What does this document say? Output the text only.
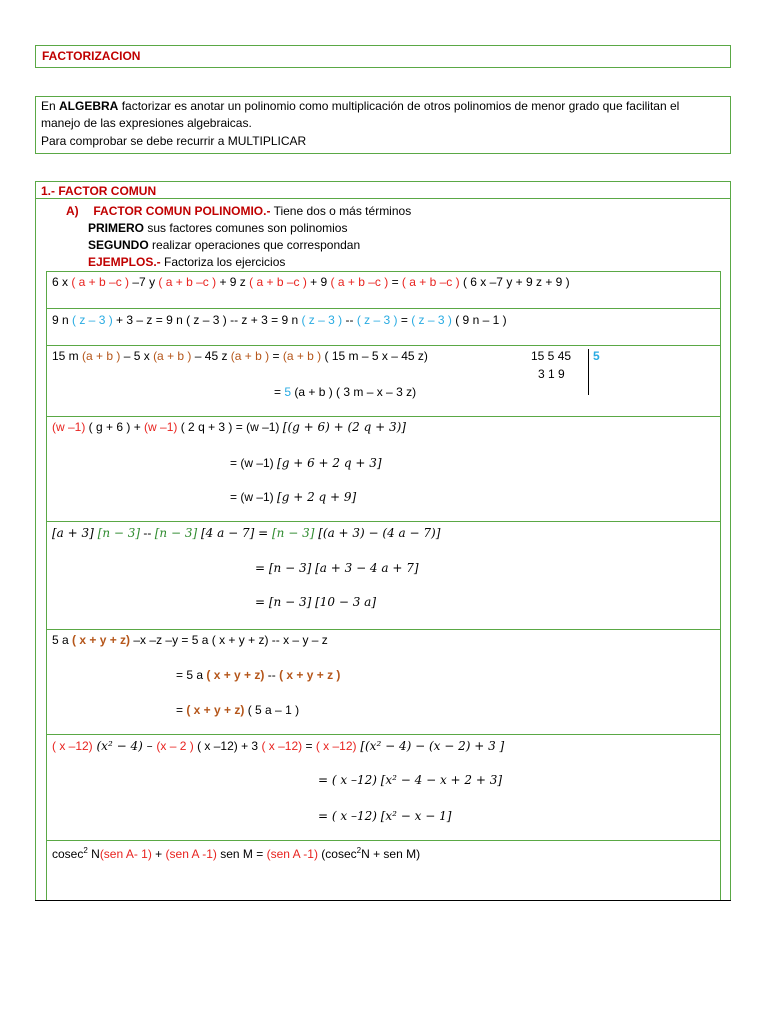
FACTORIZACION
En ALGEBRA factorizar es anotar un polinomio como multiplicación de otros polinomios de menor grado que facilitan el
manejo de las expresiones algebraicas.
Para comprobar se debe recurrir a MULTIPLICAR
1.- FACTOR COMUN
A) FACTOR COMUN POLINOMIO.- Tiene dos o más términos
PRIMERO sus factores comunes son polinomios
SEGUNDO realizar operaciones que correspondan
EJEMPLOS.- Factoriza los ejercicios
6 x ( a + b –c ) –7 y ( a + b –c ) + 9 z ( a + b –c ) + 9 ( a + b –c ) = ( a + b –c ) ( 6 x –7 y + 9 z + 9 )
9 n ( z – 3 ) + 3 – z = 9 n ( z – 3 ) -- z + 3 = 9 n ( z – 3 ) -- ( z – 3 ) = ( z – 3 ) ( 9 n – 1 )
15 m (a + b ) – 5 x (a + b ) – 45 z (a + b ) = (a + b ) ( 15 m – 5 x – 45 z)
= 5 (a + b ) ( 3 m – x – 3 z)
15 5 45
3 1 9
5
(w –1) ( g + 6 ) + (w –1) ( 2 q + 3 ) = (w –1) [(g + 6) + (2 q + 3)]
= (w –1) [g + 6 + 2 q + 3]
= (w –1) [g + 2 q + 9]
[a + 3] [n − 3] -- [n − 3] [4 a − 7] = [n − 3] [(a + 3) − (4 a − 7)]
= [n − 3] [a + 3 − 4 a + 7]
= [n − 3] [10 − 3 a]
5 a ( x + y + z) –x –z –y = 5 a ( x + y + z) -- x – y – z
= 5 a ( x + y + z) -- ( x + y + z )
= ( x + y + z) ( 5 a – 1 )
( x –12) (x² − 4) – (x – 2 ) ( x –12) + 3 ( x –12) = ( x –12) [(x² − 4) − (x − 2) + 3 ]
= ( x –12) [x² − 4 − x + 2 + 3]
= ( x –12) [x² − x − 1]
cosec$^2$ N(sen A- 1) + (sen A -1) sen M = (sen A -1) (cosec$^2$N + sen M)
